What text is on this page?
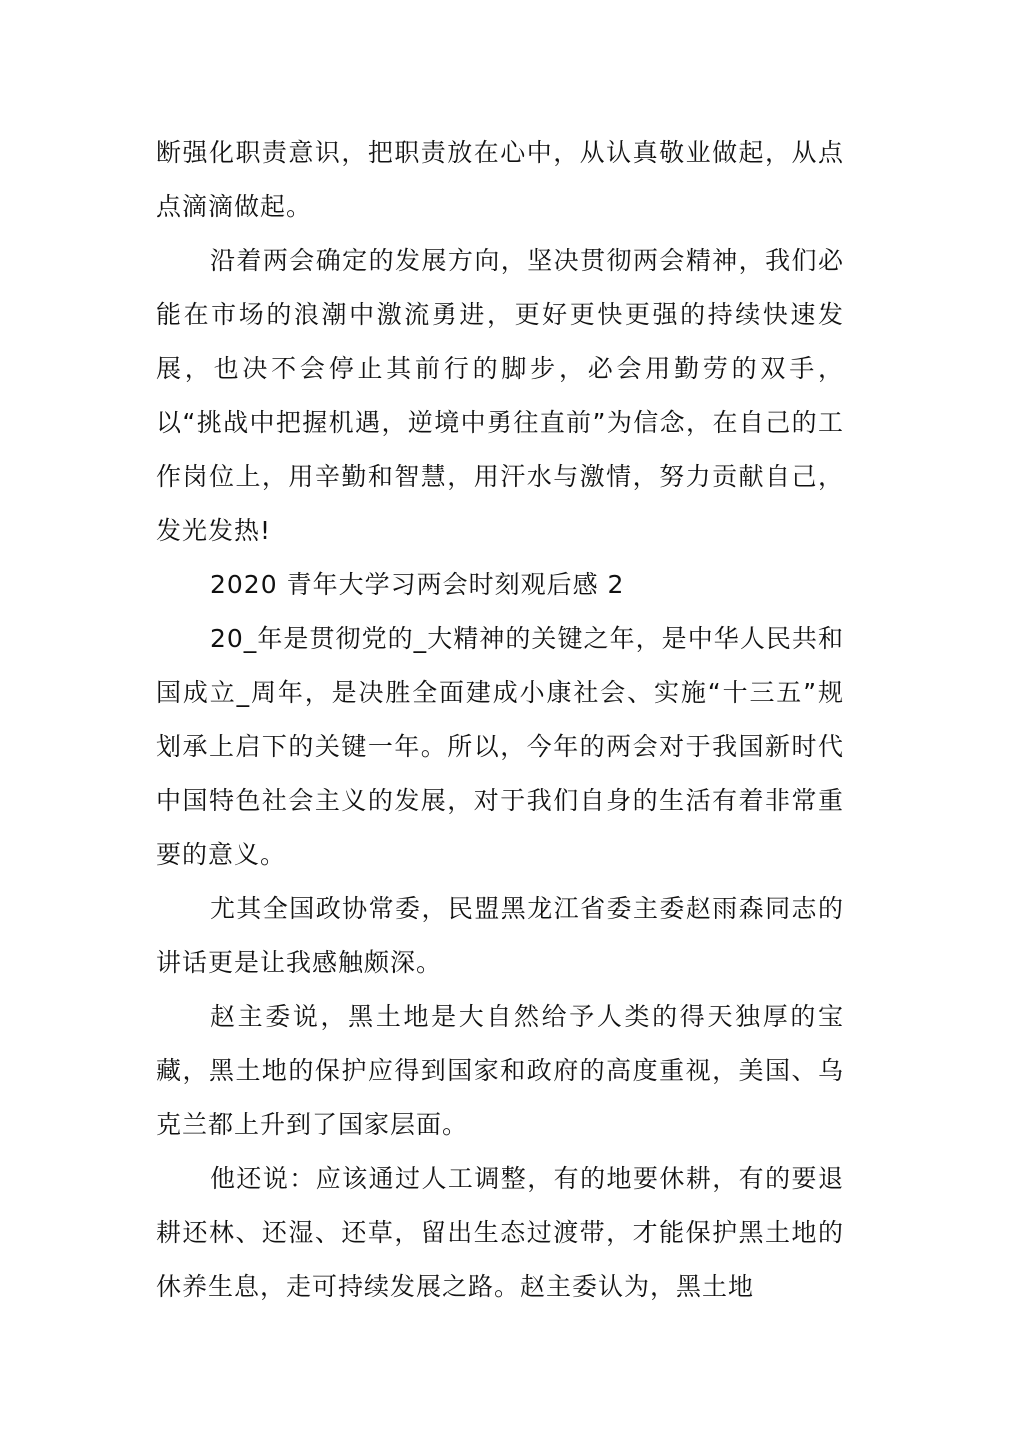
断强化职责意识，把职责放在心中，从认真敬业做起，从点点滴滴做起。

沿着两会确定的发展方向，坚决贯彻两会精神，我们必能在市场的浪潮中激流勇进，更好更快更强的持续快速发展，也决不会停止其前行的脚步，必会用勤劳的双手，以“挑战中把握机遇，逆境中勇往直前”为信念，在自己的工作岗位上，用辛勤和智慧，用汗水与激情，努力贡献自己，发光发热!

2020 青年大学习两会时刻观后感 2

20_年是贯彻党的_大精神的关键之年，是中华人民共和国成立_周年，是决胜全面建成小康社会、实施“十三五”规划承上启下的关键一年。所以，今年的两会对于我国新时代中国特色社会主义的发展，对于我们自身的生活有着非常重要的意义。

尤其全国政协常委，民盟黑龙江省委主委赵雨森同志的讲话更是让我感触颇深。

赵主委说，黑土地是大自然给予人类的得天独厚的宝藏，黑土地的保护应得到国家和政府的高度重视，美国、乌克兰都上升到了国家层面。

他还说：应该通过人工调整，有的地要休耕，有的要退耕还林、还湿、还草，留出生态过渡带，才能保护黑土地的休养生息，走可持续发展之路。赵主委认为，黑土地
